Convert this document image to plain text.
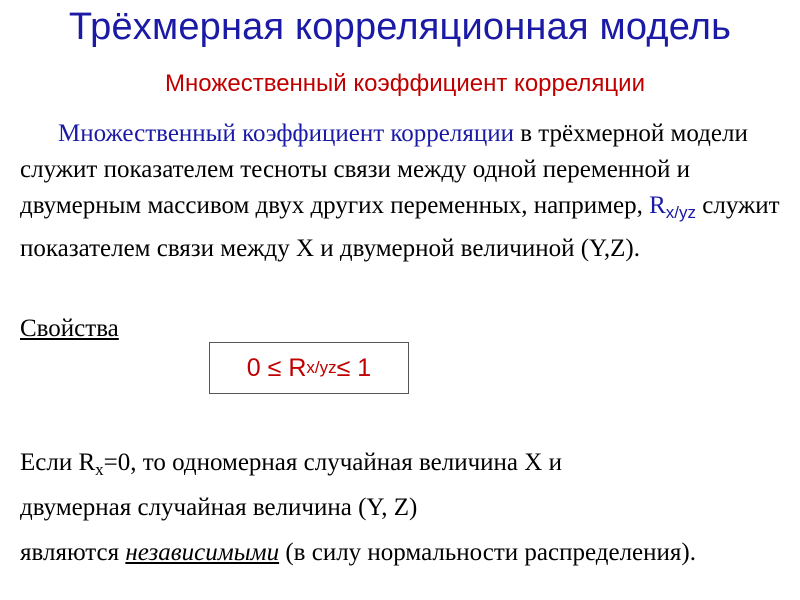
Трёхмерная корреляционная модель
Множественный коэффициент корреляции

Множественный коэффициент корреляции в трёхмерной модели служит показателем тесноты связи между одной переменной и двумерным массивом двух других переменных, например, $R_{x/yz}$ служит показателем связи между X и двумерной величиной (Y,Z).

Свойства
0 ≤ R x/yz ≤ 1
Если $R_x=0$, то одномерная случайная величина X и
двумерная случайная величина (Y, Z)
являются независимыми (в силу нормальности распределения).
